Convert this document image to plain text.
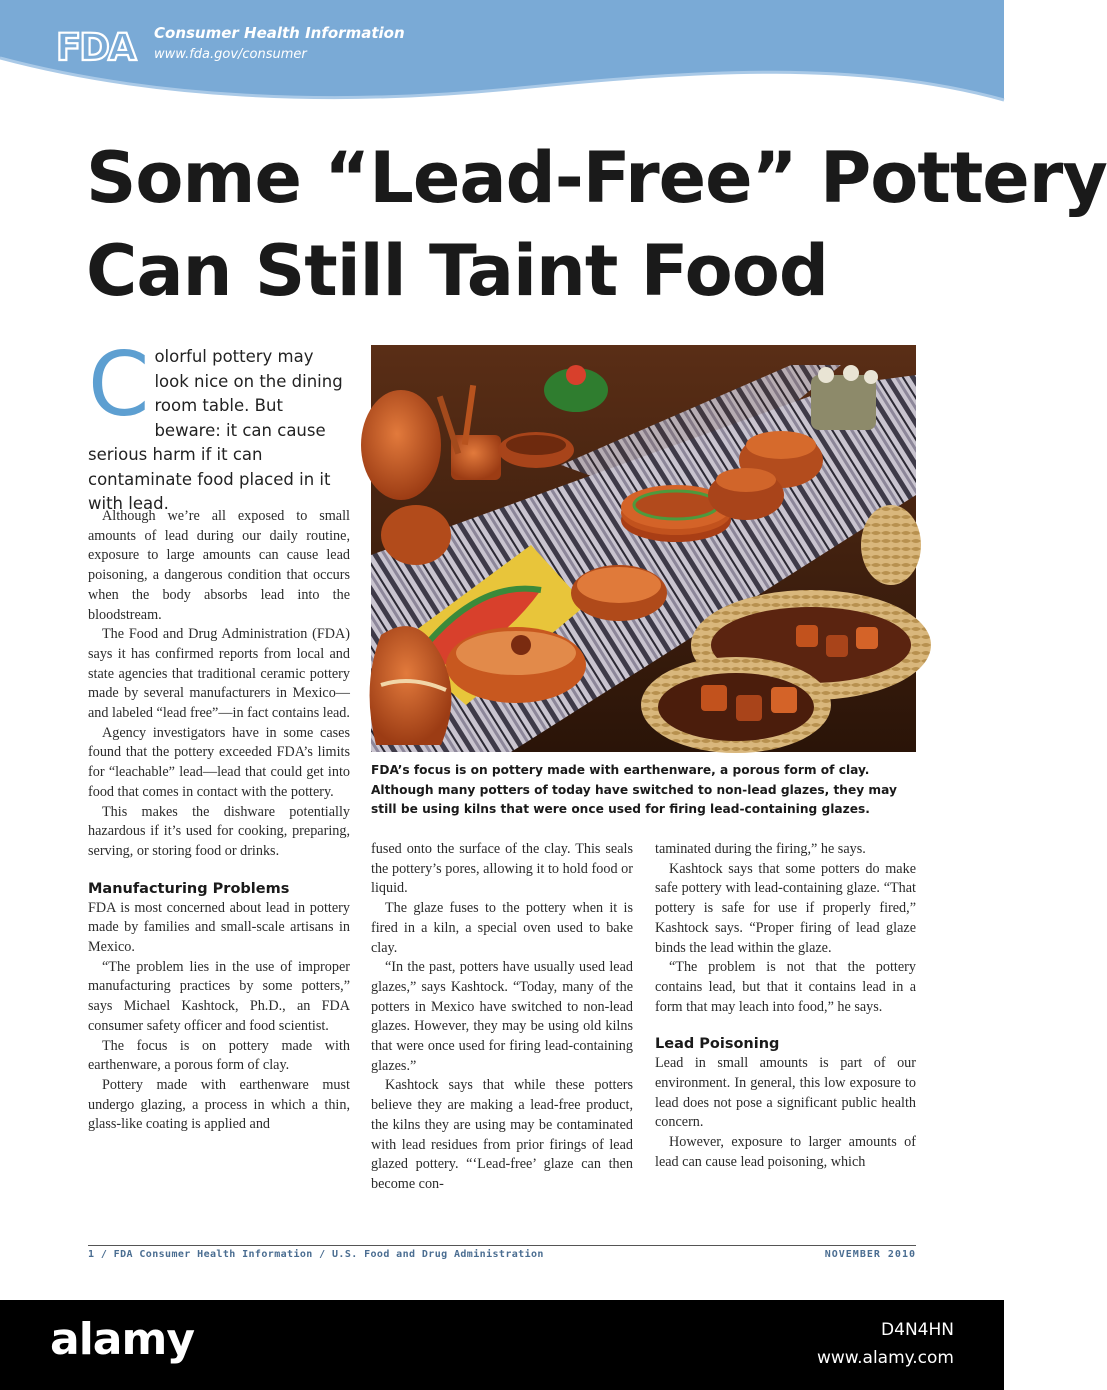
FDA Consumer Health Information
www.fda.gov/consumer
Some “Lead-Free” Pottery
Can Still Taint Food
Colorful pottery may look nice on the dining room table. But beware: it can cause serious harm if it can contaminate food placed in it with lead.

Although we’re all exposed to small amounts of lead during our daily routine, exposure to large amounts can cause lead poisoning, a dangerous condition that occurs when the body absorbs lead into the bloodstream.

The Food and Drug Administration (FDA) says it has confirmed reports from local and state agencies that traditional ceramic pottery made by several manufacturers in Mexico—and labeled “lead free”—in fact contains lead.

Agency investigators have in some cases found that the pottery exceeded FDA’s limits for “leachable” lead—lead that could get into food that comes in contact with the pottery.

This makes the dishware potentially hazardous if it’s used for cooking, preparing, serving, or storing food or drinks.

Manufacturing Problems

FDA is most concerned about lead in pottery made by families and small-scale artisans in Mexico.

“The problem lies in the use of improper manufacturing practices by some potters,” says Michael Kashtock, Ph.D., an FDA consumer safety officer and food scientist.

The focus is on pottery made with earthenware, a porous form of clay.

Pottery made with earthenware must undergo glazing, a process in which a thin, glass-like coating is applied and

FDA’s focus is on pottery made with earthenware, a porous form of clay. Although many potters of today have switched to non-lead glazes, they may still be using kilns that were once used for firing lead-containing glazes.

fused onto the surface of the clay. This seals the pottery’s pores, allowing it to hold food or liquid.

The glaze fuses to the pottery when it is fired in a kiln, a special oven used to bake clay.

“In the past, potters have usually used lead glazes,” says Kashtock. “Today, many of the potters in Mexico have switched to non-lead glazes. However, they may be using old kilns that were once used for firing lead-containing glazes.”

Kashtock says that while these potters believe they are making a lead-free product, the kilns they are using may be contaminated with lead residues from prior firings of lead glazed pottery. “‘Lead-free’ glaze can then become con-

taminated during the firing,” he says.

Kashtock says that some potters do make safe pottery with lead-containing glaze. “That pottery is safe for use if properly fired,” Kashtock says. “Proper firing of lead glaze binds the lead within the glaze.

“The problem is not that the pottery contains lead, but that it contains lead in a form that may leach into food,” he says.

Lead Poisoning

Lead in small amounts is part of our environment. In general, this low exposure to lead does not pose a significant public health concern.

However, exposure to larger amounts of lead can cause lead poisoning, which

1 / FDA Consumer Health Information / U.S. Food and Drug Administration	NOVEMBER 2010
alamy	D4N4HN
www.alamy.com
